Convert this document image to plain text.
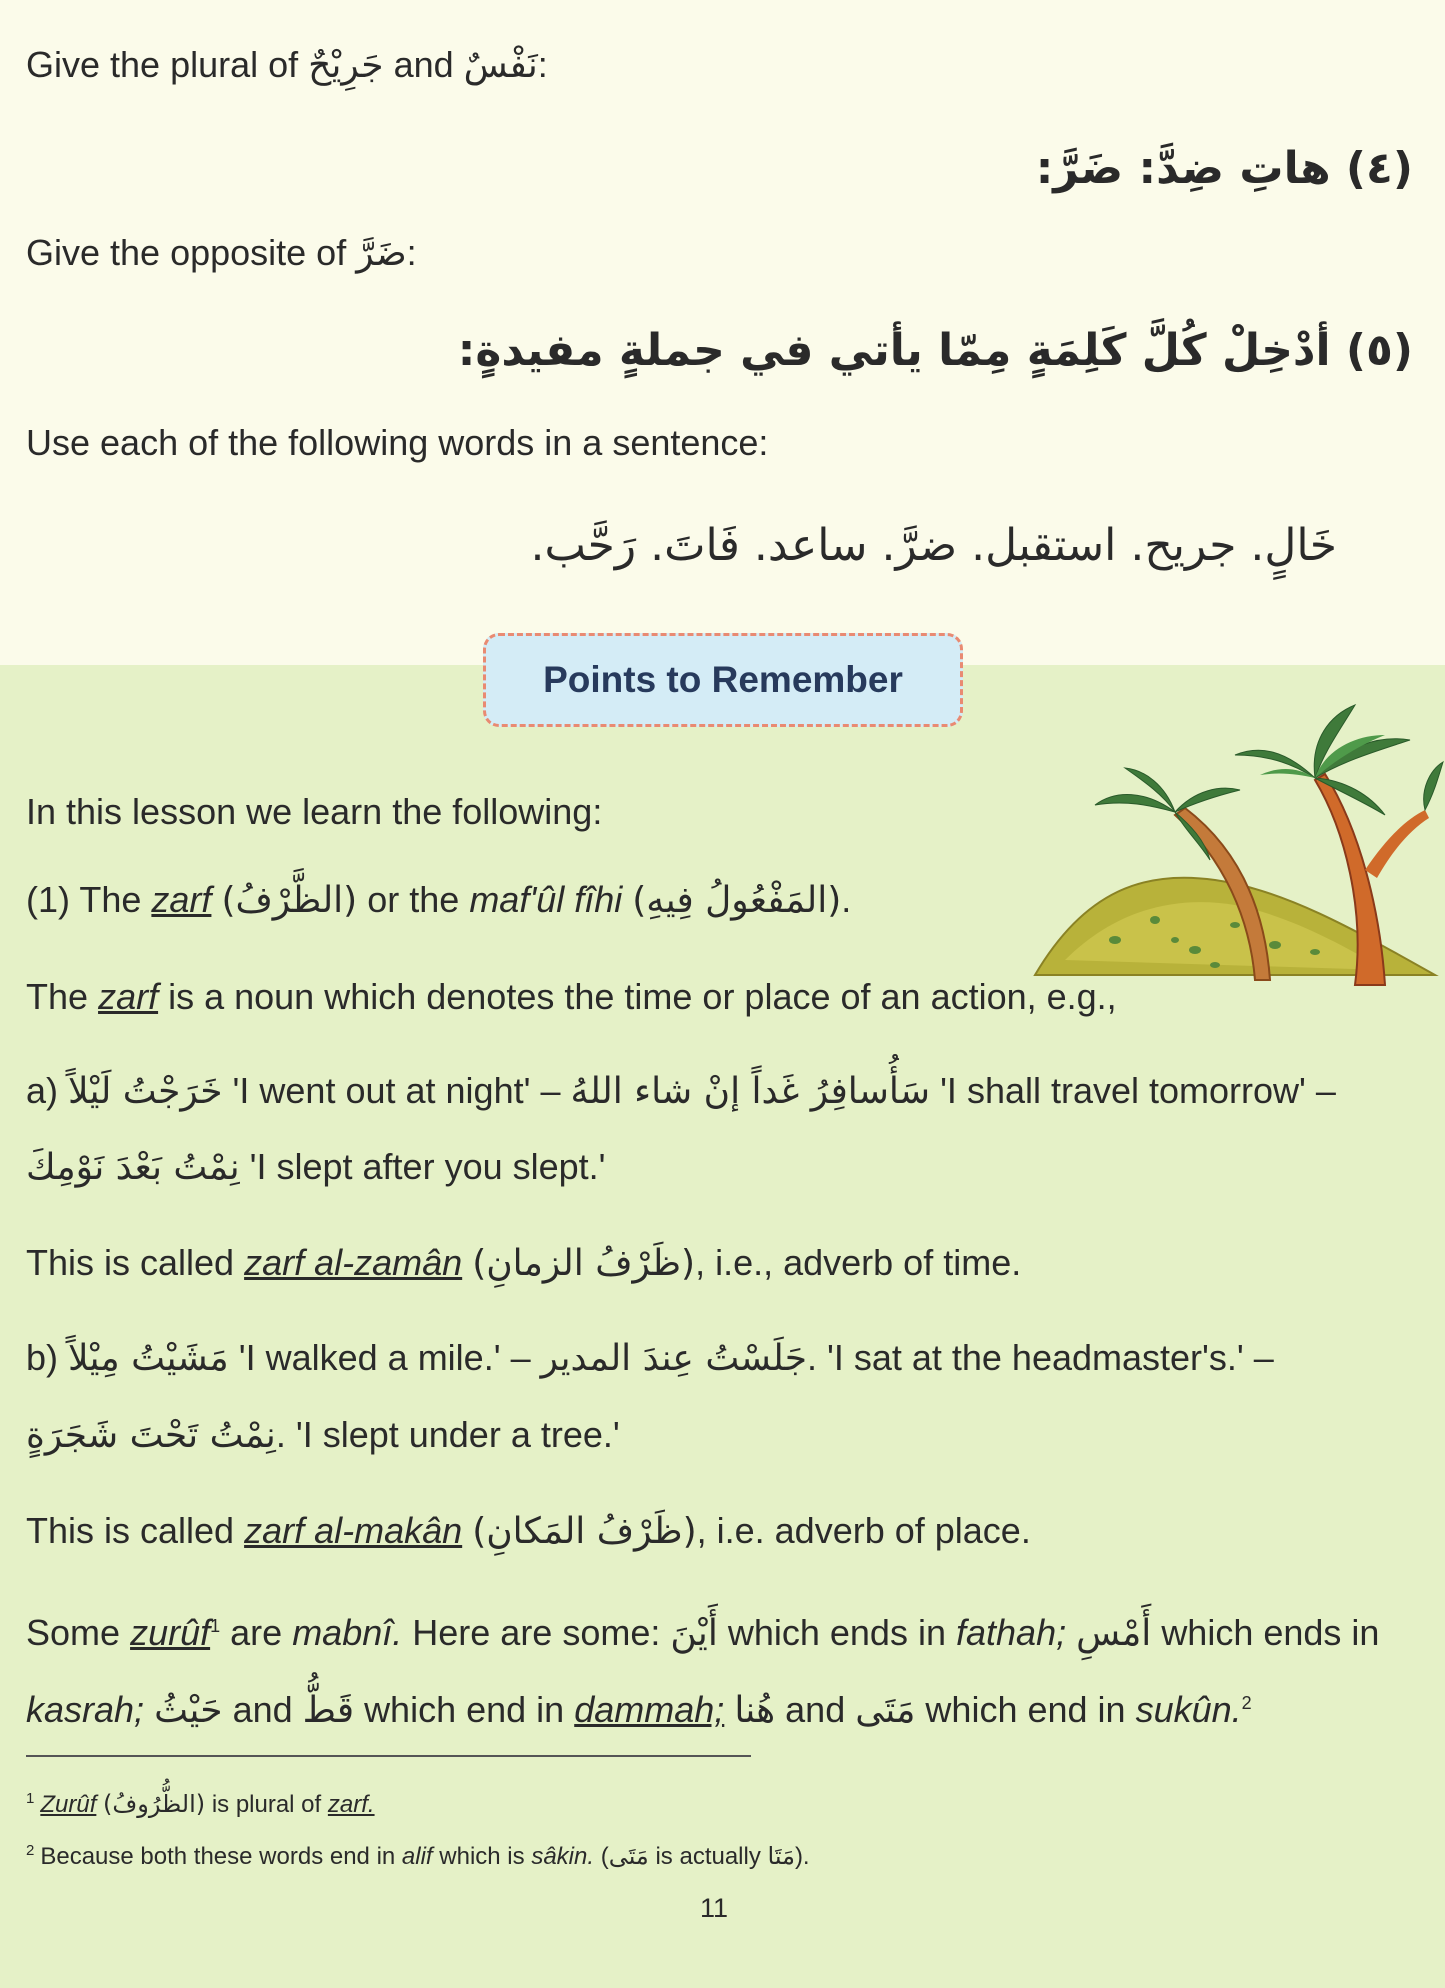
Give the plural of جَرِيْحٌ and نَفْسٌ:
(٤) هاتِ ضِدَّ: ضَرَّ:
Give the opposite of ضَرَّ:
(٥) أدْخِلْ كُلَّ كَلِمَةٍ مِمّا يأتي في جملةٍ مفيدةٍ:
Use each of the following words in a sentence:
خَالٍ. جريح. استقبل. ضرَّ. ساعد. فَاتَ. رَحَّب.
Points to Remember
In this lesson we learn the following:
(1) The zarf (الظَّرْفُ) or the maf'ûl fîhi (المَفْعُولُ فِيهِ).
The zarf is a noun which denotes the time or place of an action, e.g.,
a) خَرَجْتُ لَيْلاً 'I went out at night' – سَأُسافِرُ غَداً إنْ شاء اللهُ 'I shall travel tomorrow' –
نِمْتُ بَعْدَ نَوْمِكَ 'I slept after you slept.'
This is called zarf al-zamân (ظَرْفُ الزمانِ), i.e., adverb of time.
b) مَشَيْتُ مِيْلاً 'I walked a mile.' – جَلَسْتُ عِندَ المدير. 'I sat at the headmaster's.' –
نِمْتُ تَحْتَ شَجَرَةٍ. 'I slept under a tree.'
This is called zarf al-makân (ظَرْفُ المَكانِ), i.e. adverb of place.
Some zurûf$^1$ are mabnî. Here are some: أَيْنَ which ends in fathah; أَمْسِ which ends in
kasrah; حَيْثُ and قَطُّ which end in dammah; هُنا and مَتَى which end in sukûn.$^2$
$^1$ Zurûf (الظُّرُوفُ) is plural of zarf.
$^2$ Because both these words end in alif which is sâkin. (مَتَى is actually مَتَا).
11
